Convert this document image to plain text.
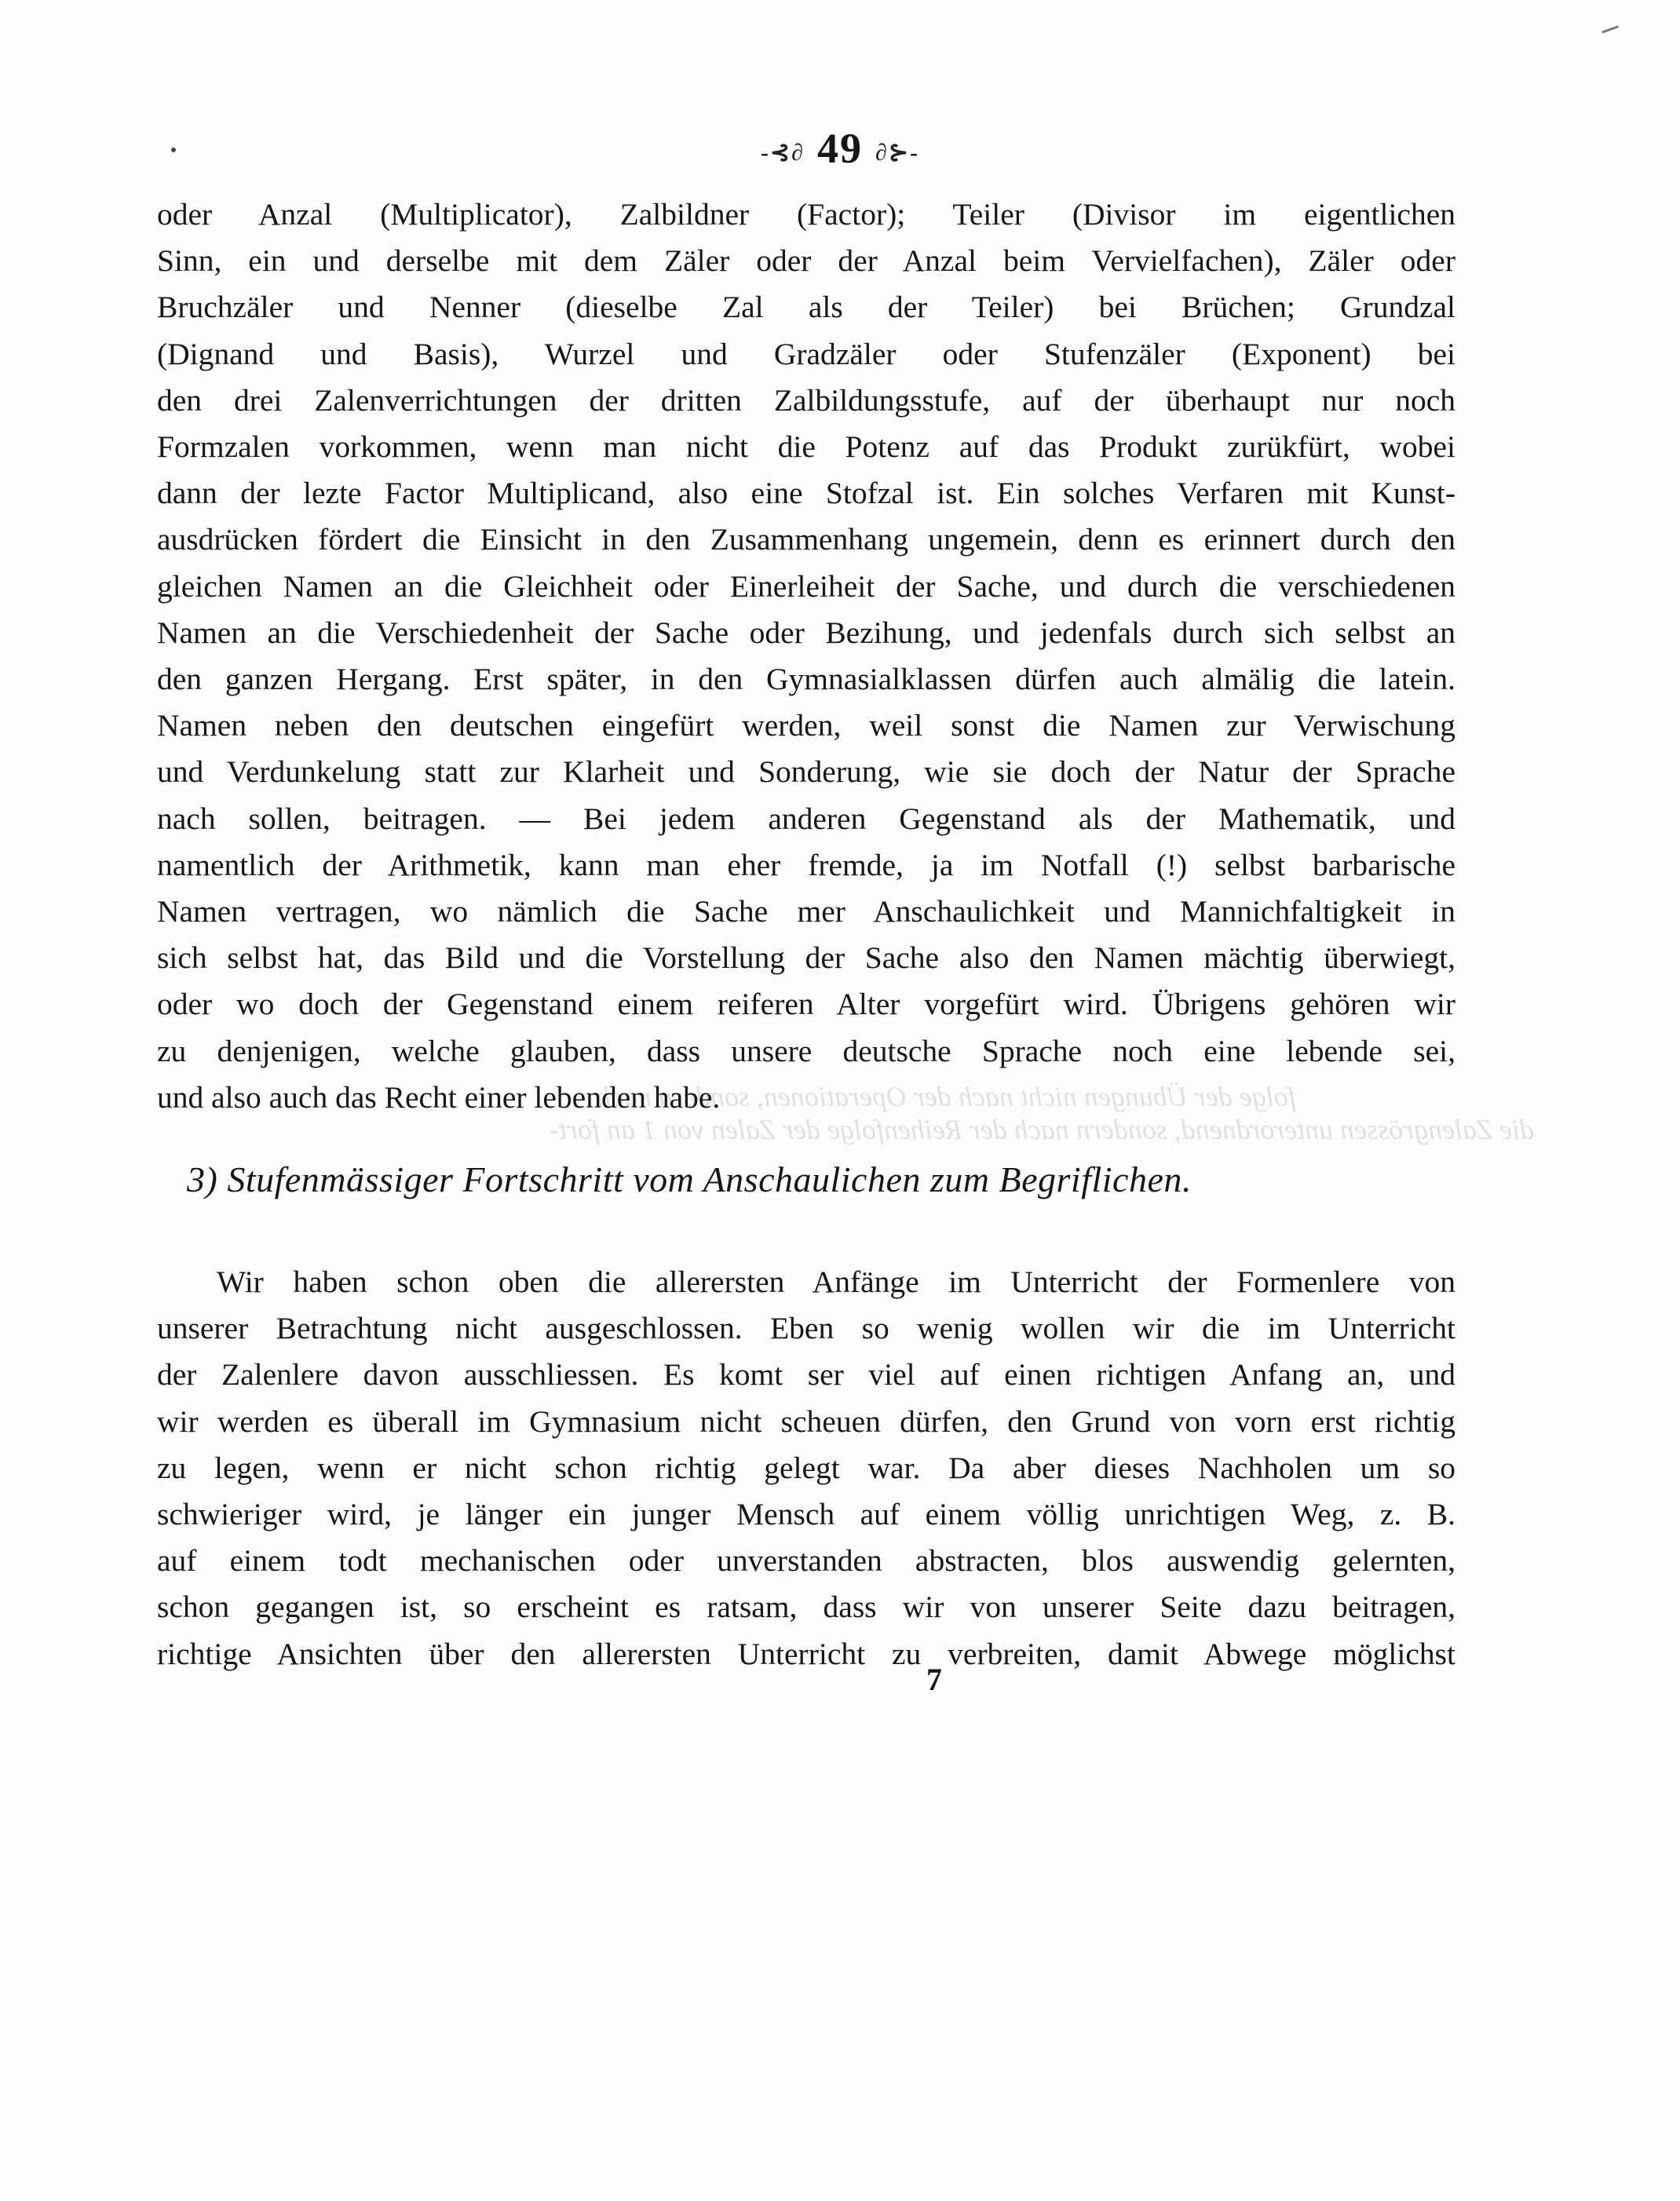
-⊰∂ 49 ∂⊱-
folge der Übungen nicht nach der Operationen, sondern nach
die Zalengrössen unterordnend, sondern nach der Reihenfolge der Zalen von 1 an fort-
oder Anzal (Multiplicator), Zalbildner (Factor); Teiler (Divisor im eigentlichen
Sinn, ein und derselbe mit dem Zäler oder der Anzal beim Vervielfachen), Zäler oder
Bruchzäler und Nenner (dieselbe Zal als der Teiler) bei Brüchen; Grundzal
(Dignand und Basis), Wurzel und Gradzäler oder Stufenzäler (Exponent) bei
den drei Zalenverrichtungen der dritten Zalbildungsstufe, auf der überhaupt nur noch
Formzalen vorkommen, wenn man nicht die Potenz auf das Produkt zurükfürt, wobei
dann der lezte Factor Multiplicand, also eine Stofzal ist. Ein solches Verfaren mit Kunst-
ausdrücken fördert die Einsicht in den Zusammenhang ungemein, denn es erinnert durch den
gleichen Namen an die Gleichheit oder Einerleiheit der Sache, und durch die verschiedenen
Namen an die Verschiedenheit der Sache oder Bezihung, und jedenfals durch sich selbst an
den ganzen Hergang. Erst später, in den Gymnasialklassen dürfen auch almälig die latein.
Namen neben den deutschen eingefürt werden, weil sonst die Namen zur Verwischung
und Verdunkelung statt zur Klarheit und Sonderung, wie sie doch der Natur der Sprache
nach sollen, beitragen. — Bei jedem anderen Gegenstand als der Mathematik, und
namentlich der Arithmetik, kann man eher fremde, ja im Notfall (!) selbst barbarische
Namen vertragen, wo nämlich die Sache mer Anschaulichkeit und Mannichfaltigkeit in
sich selbst hat, das Bild und die Vorstellung der Sache also den Namen mächtig überwiegt,
oder wo doch der Gegenstand einem reiferen Alter vorgefürt wird. Übrigens gehören wir
zu denjenigen, welche glauben, dass unsere deutsche Sprache noch eine lebende sei,
und also auch das Recht einer lebenden habe.
3) Stufenmässiger Fortschritt vom Anschaulichen zum Begriflichen.
Wir haben schon oben die allerersten Anfänge im Unterricht der Formenlere von
unserer Betrachtung nicht ausgeschlossen. Eben so wenig wollen wir die im Unterricht
der Zalenlere davon ausschliessen. Es komt ser viel auf einen richtigen Anfang an, und
wir werden es überall im Gymnasium nicht scheuen dürfen, den Grund von vorn erst richtig
zu legen, wenn er nicht schon richtig gelegt war. Da aber dieses Nachholen um so
schwieriger wird, je länger ein junger Mensch auf einem völlig unrichtigen Weg, z. B.
auf einem todt mechanischen oder unverstanden abstracten, blos auswendig gelernten,
schon gegangen ist, so erscheint es ratsam, dass wir von unserer Seite dazu beitragen,
richtige Ansichten über den allerersten Unterricht zu verbreiten, damit Abwege möglichst
7
